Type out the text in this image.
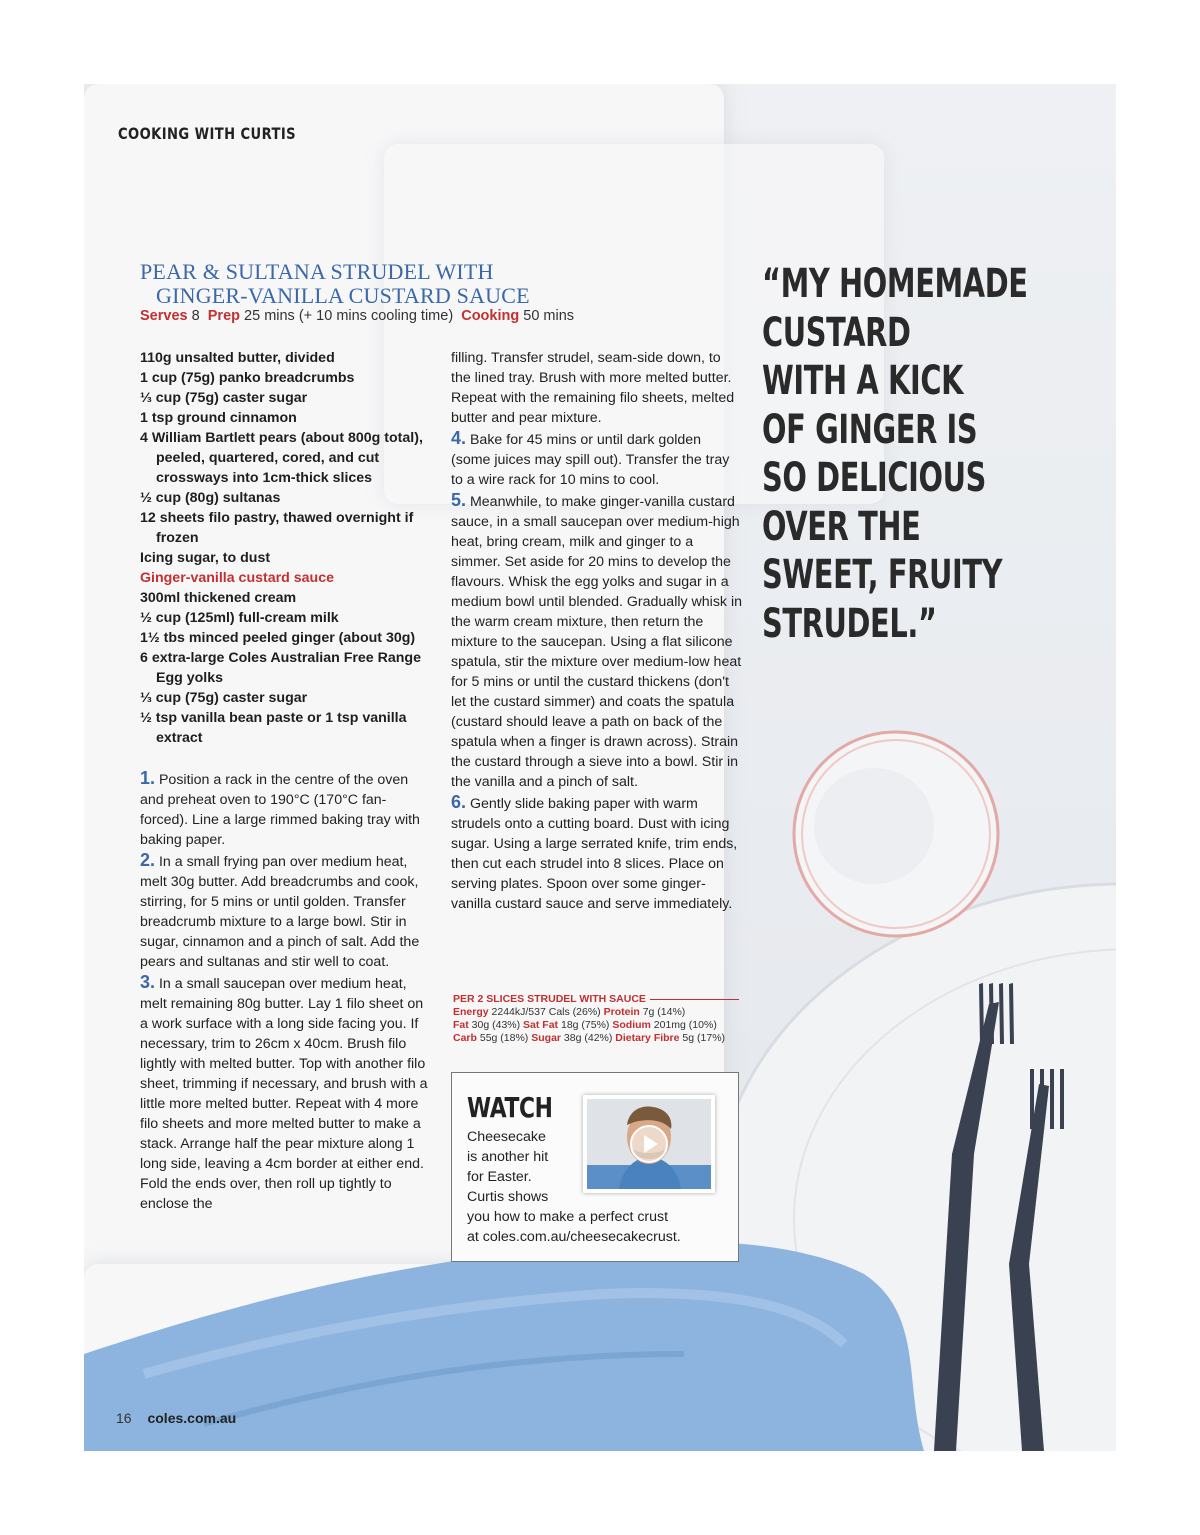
COOKING WITH CURTIS
PEAR & SULTANA STRUDEL WITH
GINGER-VANILLA CUSTARD SAUCE
Serves 8 Prep 25 mins (+ 10 mins cooling time) Cooking 50 mins
110g unsalted butter, divided
1 cup (75g) panko breadcrumbs
⅓ cup (75g) caster sugar
1 tsp ground cinnamon
4 William Bartlett pears (about 800g total), peeled, quartered, cored, and cut crossways into 1cm-thick slices
½ cup (80g) sultanas
12 sheets filo pastry, thawed overnight if frozen
Icing sugar, to dust
Ginger-vanilla custard sauce
300ml thickened cream
½ cup (125ml) full-cream milk
1½ tbs minced peeled ginger (about 30g)
6 extra-large Coles Australian Free Range Egg yolks
⅓ cup (75g) caster sugar
½ tsp vanilla bean paste or 1 tsp vanilla extract

1. Position a rack in the centre of the oven and preheat oven to 190°C (170°C fan-forced). Line a large rimmed baking tray with baking paper.

2. In a small frying pan over medium heat, melt 30g butter. Add breadcrumbs and cook, stirring, for 5 mins or until golden. Transfer breadcrumb mixture to a large bowl. Stir in sugar, cinnamon and a pinch of salt. Add the pears and sultanas and stir well to coat.

3. In a small saucepan over medium heat, melt remaining 80g butter. Lay 1 filo sheet on a work surface with a long side facing you. If necessary, trim to 26cm x 40cm. Brush filo lightly with melted butter. Top with another filo sheet, trimming if necessary, and brush with a little more melted butter. Repeat with 4 more filo sheets and more melted butter to make a stack. Arrange half the pear mixture along 1 long side, leaving a 4cm border at either end. Fold the ends over, then roll up tightly to enclose the

filling. Transfer strudel, seam-side down, to the lined tray. Brush with more melted butter. Repeat with the remaining filo sheets, melted butter and pear mixture.

4. Bake for 45 mins or until dark golden (some juices may spill out). Transfer the tray to a wire rack for 10 mins to cool.

5. Meanwhile, to make ginger-vanilla custard sauce, in a small saucepan over medium-high heat, bring cream, milk and ginger to a simmer. Set aside for 20 mins to develop the flavours. Whisk the egg yolks and sugar in a medium bowl until blended. Gradually whisk in the warm cream mixture, then return the mixture to the saucepan. Using a flat silicone spatula, stir the mixture over medium-low heat for 5 mins or until the custard thickens (don't let the custard simmer) and coats the spatula (custard should leave a path on back of the spatula when a finger is drawn across). Strain the custard through a sieve into a bowl. Stir in the vanilla and a pinch of salt.

6. Gently slide baking paper with warm strudels onto a cutting board. Dust with icing sugar. Using a large serrated knife, trim ends, then cut each strudel into 8 slices. Place on serving plates. Spoon over some ginger-vanilla custard sauce and serve immediately.

PER 2 SLICES STRUDEL WITH SAUCE
Energy 2244kJ/537 Cals (26%) Protein 7g (14%)
Fat 30g (43%) Sat Fat 18g (75%) Sodium 201mg (10%)
Carb 55g (18%) Sugar 38g (42%) Dietary Fibre 5g (17%)
WATCH
Cheesecake
is another hit
for Easter.
Curtis shows
you how to make a perfect crust
at coles.com.au/cheesecakecrust.
“MY HOMEMADE
CUSTARD
WITH A KICK
OF GINGER IS
SO DELICIOUS
OVER THE
SWEET, FRUITY
STRUDEL.”
16 coles.com.au
